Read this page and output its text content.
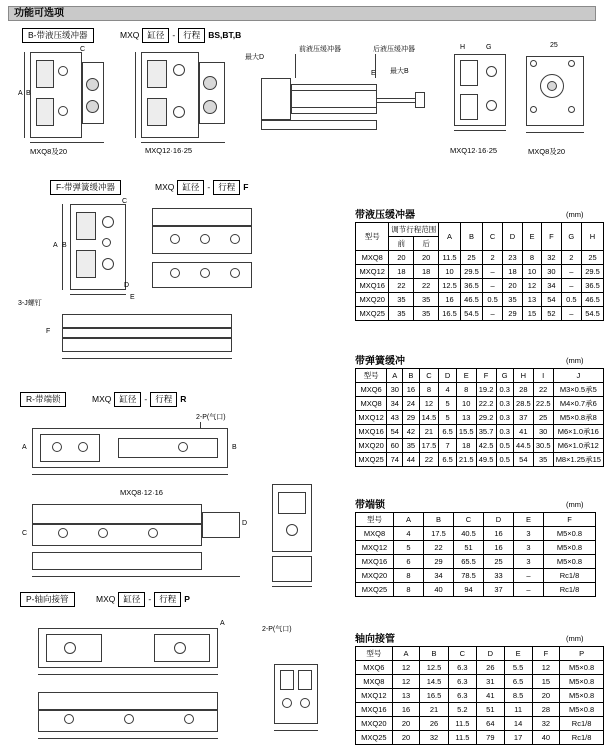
功能可选项
B-带液压缓冲器	MXQ 缸径 - 行程 BS,BT,B
C
A B
最大D
前液压缓冲器	后液压缓冲器
最大B
E
G
H	25
MXQ8及20	MXQ12·16·25	MXQ12·16·25	MXQ8及20
F-带弹簧缓冲器	MXQ 缸径 - 行程 F
A B
C
D
E
3-J螺钉
F
R-带端锁	MXQ 缸径 - 行程 R
2-P(气口)
A	B
MXQ8·12·16
C
D
P-轴向接管	MXQ 缸径 - 行程 P
2-P(气口)
A
带液压缓冲器	(mm)
型号	调节行程范围		A	B	C	D	E	F	G	H
	前	后								
MXQ8	20	20	11.5	25	2	23	8	32	2	25
MXQ12	18	18	10	29.5	–	18	10	30	–	29.5
MXQ16	22	22	12.5	36.5	–	20	12	34	–	36.5
MXQ20	35	35	16	46.5	0.5	35	13	54	0.5	46.5
MXQ25	35	35	16.5	54.5	–	29	15	52	–	54.5
带弹簧缓冲	(mm)
型号	A	B	C	D	E	F	G	H	I	J
MXQ6	30	16	8	4	8	19.2	0.3	28	22	M3×0.5承5
MXQ8	34	24	12	5	10	22.2	0.3	28.5	22.5	M4×0.7承6
MXQ12	43	29	14.5	5	13	29.2	0.3	37	25	M5×0.8承8
MXQ16	54	42	21	6.5	15.5	35.7	0.3	41	30	M6×1.0承16
MXQ20	60	35	17.5	7	18	42.5	0.5	44.5	30.5	M6×1.0承12
MXQ25	74	44	22	6.5	21.5	49.5	0.5	54	35	M8×1.25承15
带端锁	(mm)
型号	A	B	C	D	E	F
MXQ8	4	17.5	40.5	16	3	M5×0.8
MXQ12	5	22	51	16	3	M5×0.8
MXQ16	6	29	65.5	25	3	M5×0.8
MXQ20	8	34	78.5	33	–	Rc1/8
MXQ25	8	40	94	37	–	Rc1/8
轴向接管	(mm)
型号	A	B	C	D	E	F	P
MXQ6	12	12.5	6.3	26	5.5	12	M5×0.8
MXQ8	12	14.5	6.3	31	6.5	15	M5×0.8
MXQ12	13	16.5	6.3	41	8.5	20	M5×0.8
MXQ16	16	21	5.2	51	11	28	M5×0.8
MXQ20	20	26	11.5	64	14	32	Rc1/8
MXQ25	20	32	11.5	79	17	40	Rc1/8
